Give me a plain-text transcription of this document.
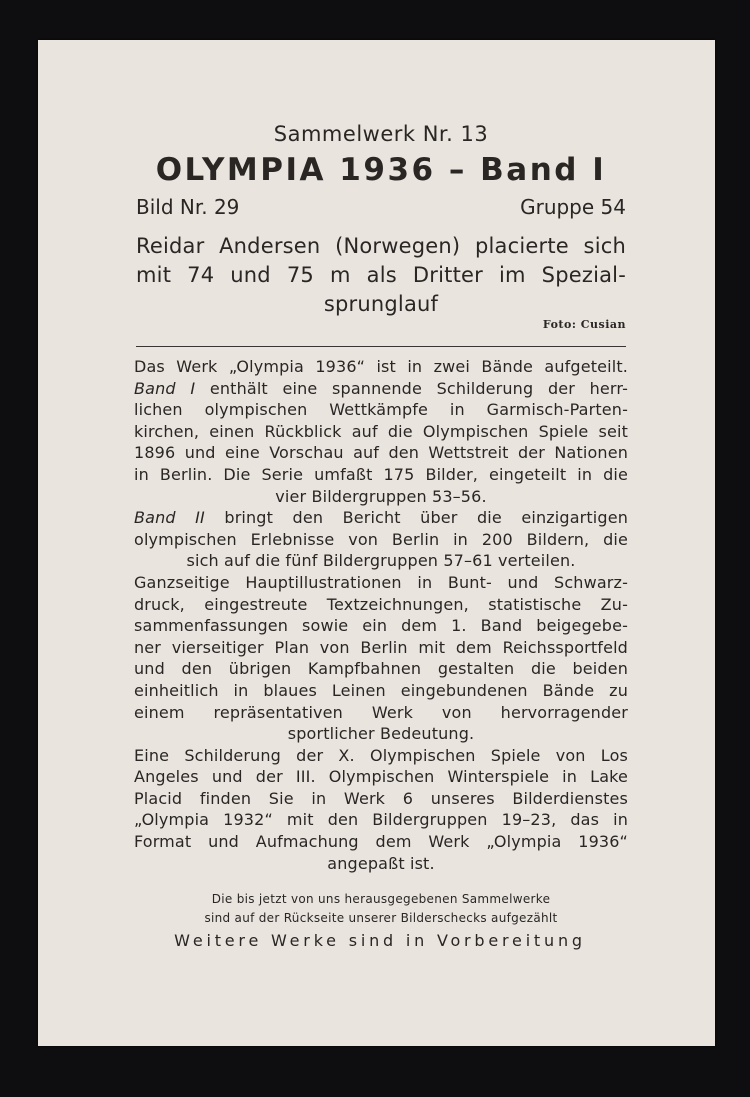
Sammelwerk Nr. 13
OLYMPIA 1936 – Band I
Bild Nr. 29	Gruppe 54
Reidar Andersen (Norwegen) placierte sich
mit 74 und 75 m als Dritter im Spezial-
sprunglauf
Foto: Cusian
Das Werk „Olympia 1936“ ist in zwei Bände aufgeteilt.
Band I enthält eine spannende Schilderung der herr-
lichen olympischen Wettkämpfe in Garmisch-Parten-
kirchen, einen Rückblick auf die Olympischen Spiele seit
1896 und eine Vorschau auf den Wettstreit der Nationen
in Berlin. Die Serie umfaßt 175 Bilder, eingeteilt in die
vier Bildergruppen 53–56.
Band II bringt den Bericht über die einzigartigen
olympischen Erlebnisse von Berlin in 200 Bildern, die
sich auf die fünf Bildergruppen 57–61 verteilen.
Ganzseitige Hauptillustrationen in Bunt- und Schwarz-
druck, eingestreute Textzeichnungen, statistische Zu-
sammenfassungen sowie ein dem 1. Band beigegebe-
ner vierseitiger Plan von Berlin mit dem Reichssportfeld
und den übrigen Kampfbahnen gestalten die beiden
einheitlich in blaues Leinen eingebundenen Bände zu
einem repräsentativen Werk von hervorragender
sportlicher Bedeutung.
Eine Schilderung der X. Olympischen Spiele von Los
Angeles und der III. Olympischen Winterspiele in Lake
Placid finden Sie in Werk 6 unseres Bilderdienstes
„Olympia 1932“ mit den Bildergruppen 19–23, das in
Format und Aufmachung dem Werk „Olympia 1936“
angepaßt ist.
Die bis jetzt von uns herausgegebenen Sammelwerke
sind auf der Rückseite unserer Bilderschecks aufgezählt
Weitere Werke sind in Vorbereitung
